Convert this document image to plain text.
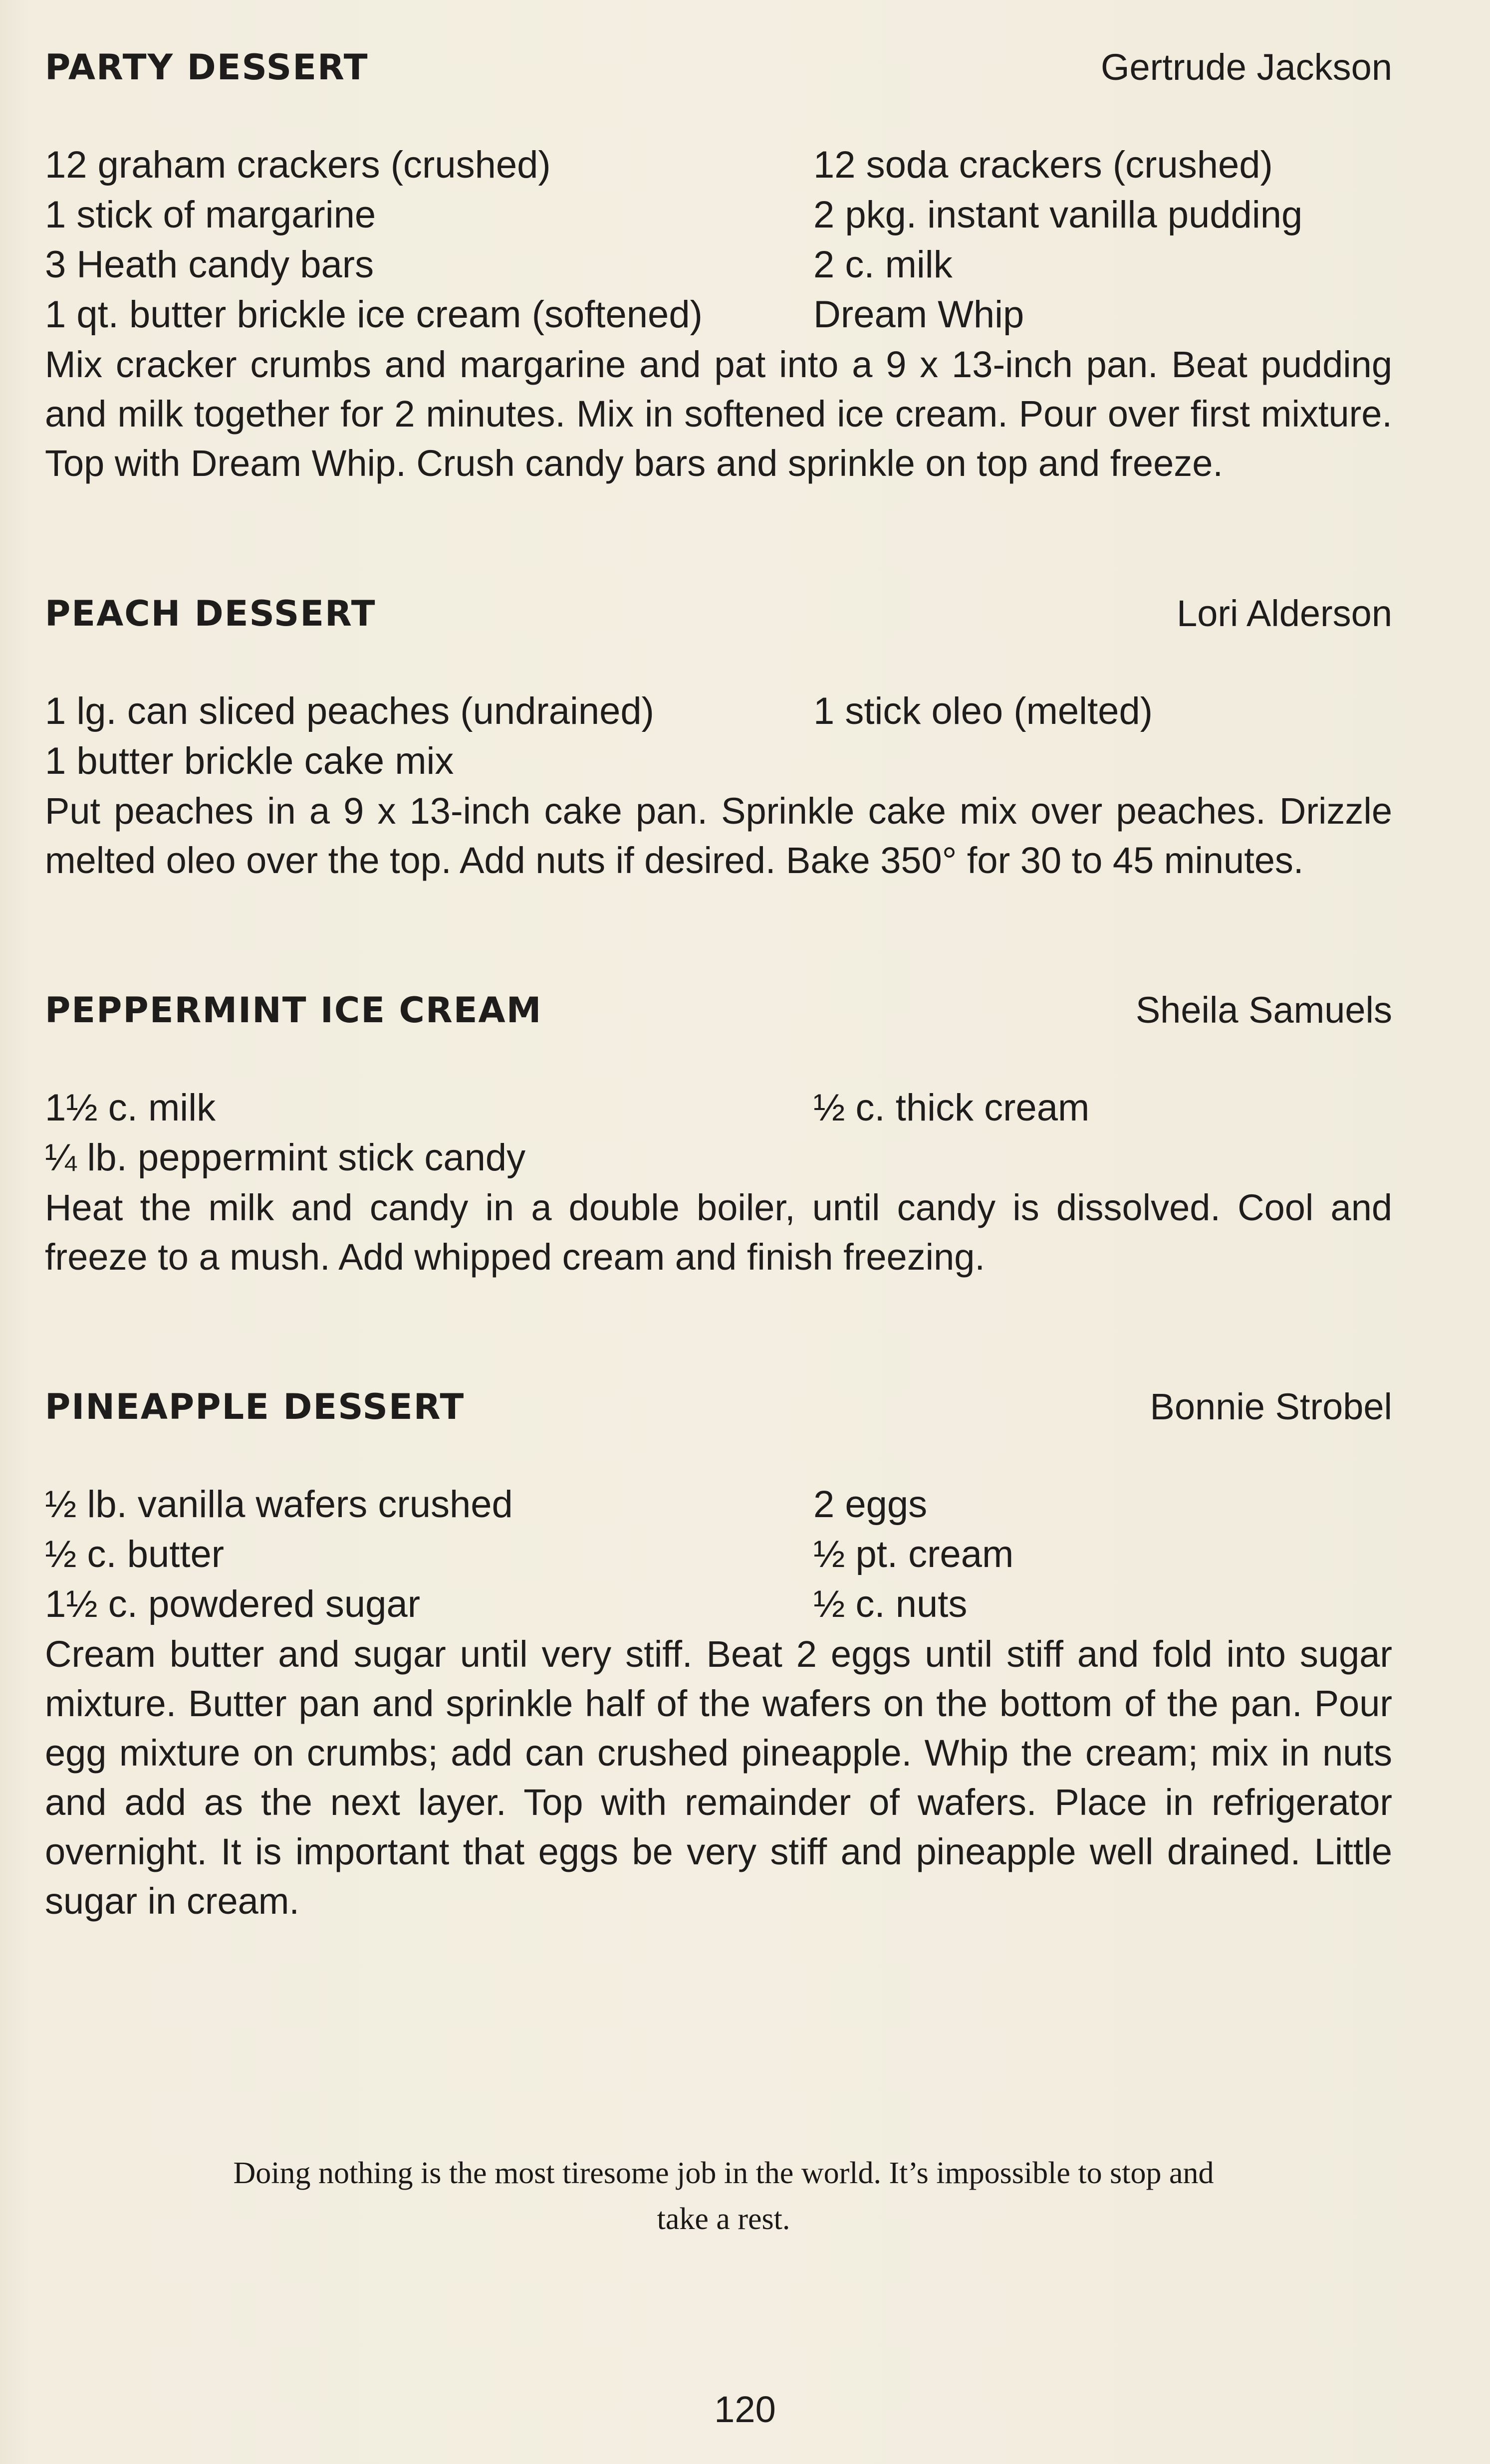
PARTY DESSERT	Gertrude Jackson
12 graham crackers (crushed)	12 soda crackers (crushed)
1 stick of margarine	2 pkg. instant vanilla pudding
3 Heath candy bars	2 c. milk
1 qt. butter brickle ice cream (softened)	Dream Whip

Mix cracker crumbs and margarine and pat into a 9 x 13-inch pan. Beat pudding and milk together for 2 minutes. Mix in softened ice cream. Pour over first mixture. Top with Dream Whip. Crush candy bars and sprinkle on top and freeze.

PEACH DESSERT	Lori Alderson
1 lg. can sliced peaches (undrained)	1 stick oleo (melted)
1 butter brickle cake mix

Put peaches in a 9 x 13-inch cake pan. Sprinkle cake mix over peaches. Drizzle melted oleo over the top. Add nuts if desired. Bake 350° for 30 to 45 minutes.

PEPPERMINT ICE CREAM	Sheila Samuels
1½ c. milk	½ c. thick cream
¼ lb. peppermint stick candy

Heat the milk and candy in a double boiler, until candy is dissolved. Cool and freeze to a mush. Add whipped cream and finish freezing.

PINEAPPLE DESSERT	Bonnie Strobel
½ lb. vanilla wafers crushed	2 eggs
½ c. butter	½ pt. cream
1½ c. powdered sugar	½ c. nuts

Cream butter and sugar until very stiff. Beat 2 eggs until stiff and fold into sugar mixture. Butter pan and sprinkle half of the wafers on the bottom of the pan. Pour egg mixture on crumbs; add can crushed pineapple. Whip the cream; mix in nuts and add as the next layer. Top with remainder of wafers. Place in refrigerator overnight. It is important that eggs be very stiff and pineapple well drained. Little sugar in cream.

Doing nothing is the most tiresome job in the world. It’s impossible to stop and
take a rest.
120
